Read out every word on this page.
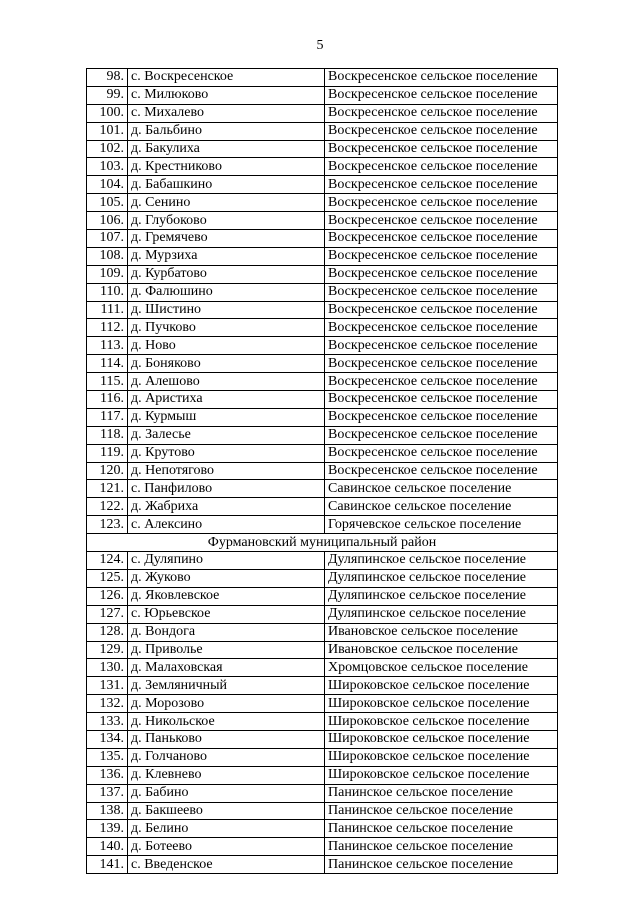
5
98.	с. Воскресенское	Воскресенское сельское поселение
99.	с. Милюково	Воскресенское сельское поселение
100.	с. Михалево	Воскресенское сельское поселение
101.	д. Бальбино	Воскресенское сельское поселение
102.	д. Бакулиха	Воскресенское сельское поселение
103.	д. Крестниково	Воскресенское сельское поселение
104.	д. Бабашкино	Воскресенское сельское поселение
105.	д. Сенино	Воскресенское сельское поселение
106.	д. Глубоково	Воскресенское сельское поселение
107.	д. Гремячево	Воскресенское сельское поселение
108.	д. Мурзиха	Воскресенское сельское поселение
109.	д. Курбатово	Воскресенское сельское поселение
110.	д. Фалюшино	Воскресенское сельское поселение
111.	д. Шистино	Воскресенское сельское поселение
112.	д. Пучково	Воскресенское сельское поселение
113.	д. Ново	Воскресенское сельское поселение
114.	д. Боняково	Воскресенское сельское поселение
115.	д. Алешово	Воскресенское сельское поселение
116.	д. Аристиха	Воскресенское сельское поселение
117.	д. Курмыш	Воскресенское сельское поселение
118.	д. Залесье	Воскресенское сельское поселение
119.	д. Крутово	Воскресенское сельское поселение
120.	д. Непотягово	Воскресенское сельское поселение
121.	с. Панфилово	Савинское сельское поселение
122.	д. Жабриха	Савинское сельское поселение
123.	с. Алексино	Горячевское сельское поселение
Фурмановский муниципальный район		
124.	с. Дуляпино	Дуляпинское сельское поселение
125.	д. Жуково	Дуляпинское сельское поселение
126.	д. Яковлевское	Дуляпинское сельское поселение
127.	с. Юрьевское	Дуляпинское сельское поселение
128.	д. Вондога	Ивановское сельское поселение
129.	д. Приволье	Ивановское сельское поселение
130.	д. Малаховская	Хромцовское сельское поселение
131.	д. Земляничный	Широковское сельское поселение
132.	д. Морозово	Широковское сельское поселение
133.	д. Никольское	Широковское сельское поселение
134.	д. Паньково	Широковское сельское поселение
135.	д. Голчаново	Широковское сельское поселение
136.	д. Клевнево	Широковское сельское поселение
137.	д. Бабино	Панинское сельское поселение
138.	д. Бакшеево	Панинское сельское поселение
139.	д. Белино	Панинское сельское поселение
140.	д. Ботеево	Панинское сельское поселение
141.	с. Введенское	Панинское сельское поселение
